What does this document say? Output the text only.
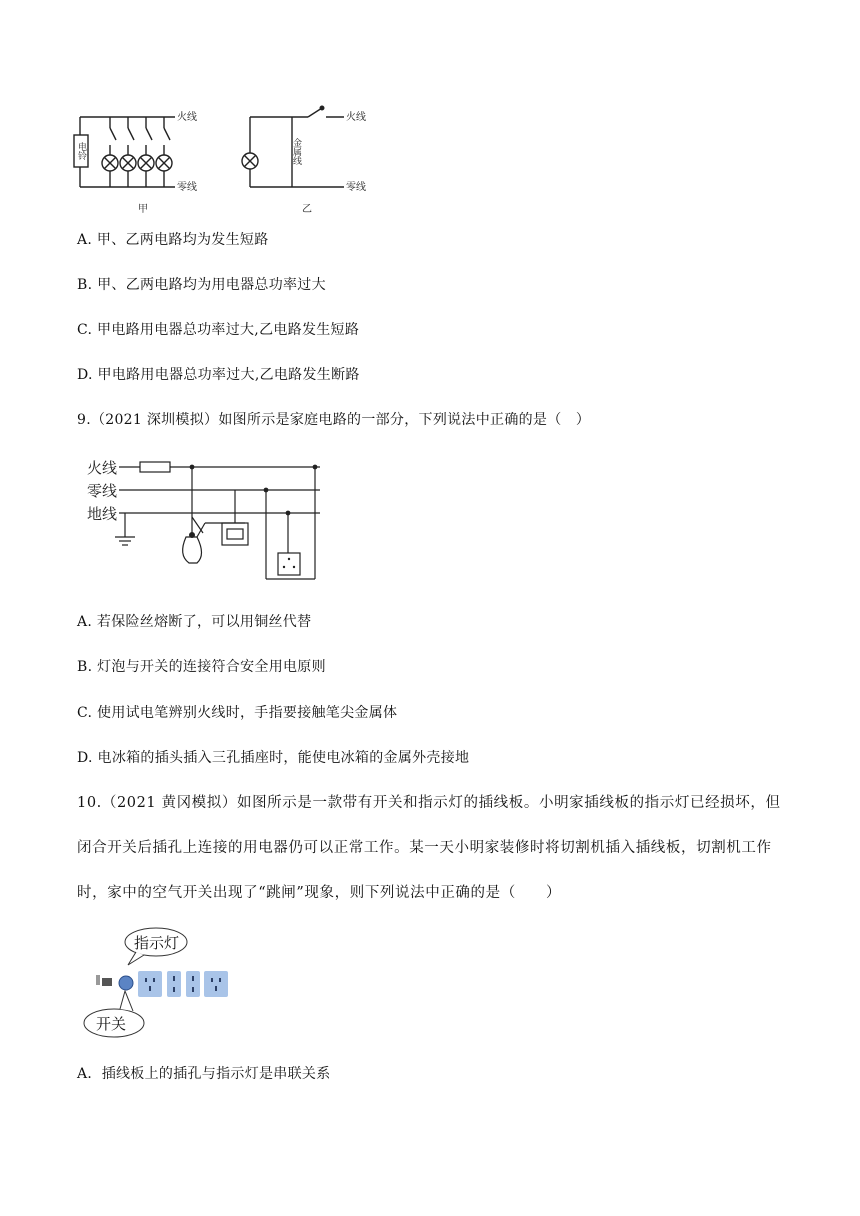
电铃
火线
零线
甲
金属线
火线
零线
乙
A. 甲、乙两电路均为发生短路
B. 甲、乙两电路均为用电器总功率过大
C. 甲电路用电器总功率过大,乙电路发生短路
D. 甲电路用电器总功率过大,乙电路发生断路
9.（2021 深圳模拟）如图所示是家庭电路的一部分，下列说法中正确的是（　）
火线
零线
地线
A. 若保险丝熔断了，可以用铜丝代替
B. 灯泡与开关的连接符合安全用电原则
C. 使用试电笔辨别火线时，手指要接触笔尖金属体
D. 电冰箱的插头插入三孔插座时，能使电冰箱的金属外壳接地
10.（2021 黄冈模拟）如图所示是一款带有开关和指示灯的插线板。小明家插线板的指示灯已经损坏，但
闭合开关后插孔上连接的用电器仍可以正常工作。某一天小明家装修时将切割机插入插线板，切割机工作
时，家中的空气开关出现了“跳闸”现象，则下列说法中正确的是（　　）
指示灯
开关
A．插线板上的插孔与指示灯是串联关系
